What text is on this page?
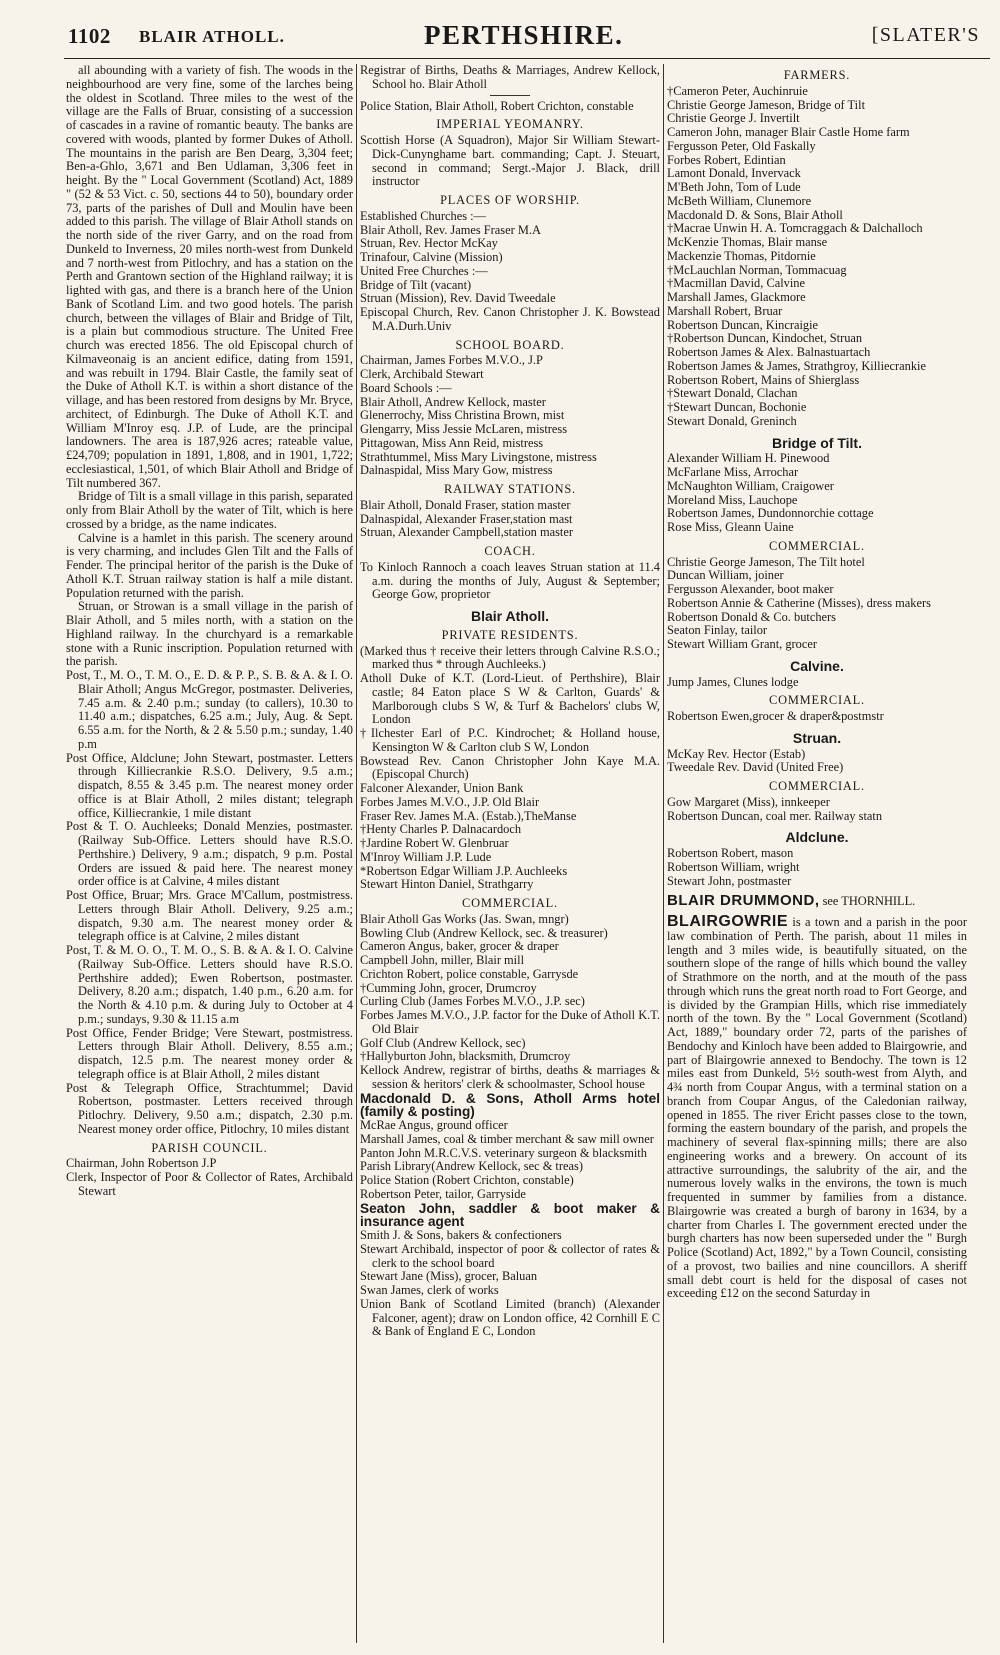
1102 BLAIR ATHOLL.	PERTHSHIRE.	[SLATER'S

all abounding with a variety of fish. The woods in the neighbourhood are very fine, some of the larches being the oldest in Scotland. Three miles to the west of the village are the Falls of Bruar, consisting of a succession of cascades in a ravine of romantic beauty. The banks are covered with woods, planted by former Dukes of Atholl. The mountains in the parish are Ben Dearg, 3,304 feet; Ben-a-Ghlo, 3,671 and Ben Udlaman, 3,306 feet in height. By the " Local Government (Scotland) Act, 1889 " (52 & 53 Vict. c. 50, sections 44 to 50), boundary order 73, parts of the parishes of Dull and Moulin have been added to this parish. The village of Blair Atholl stands on the north side of the river Garry, and on the road from Dunkeld to Inverness, 20 miles north-west from Dunkeld and 7 north-west from Pitlochry, and has a station on the Perth and Grantown section of the Highland railway; it is lighted with gas, and there is a branch here of the Union Bank of Scotland Lim. and two good hotels. The parish church, between the villages of Blair and Bridge of Tilt, is a plain but commodious structure. The United Free church was erected 1856. The old Episcopal church of Kilmaveonaig is an ancient edifice, dating from 1591, and was rebuilt in 1794. Blair Castle, the family seat of the Duke of Atholl K.T. is within a short distance of the village, and has been restored from designs by Mr. Bryce, architect, of Edinburgh. The Duke of Atholl K.T. and William M'Inroy esq. J.P. of Lude, are the principal landowners. The area is 187,926 acres; rateable value, £24,709; population in 1891, 1,808, and in 1901, 1,722; ecclesiastical, 1,501, of which Blair Atholl and Bridge of Tilt numbered 367.

Bridge of Tilt is a small village in this parish, separated only from Blair Atholl by the water of Tilt, which is here crossed by a bridge, as the name indicates.

Calvine is a hamlet in this parish. The scenery around is very charming, and includes Glen Tilt and the Falls of Fender. The principal heritor of the parish is the Duke of Atholl K.T. Struan railway station is half a mile distant. Population returned with the parish.

Struan, or Strowan is a small village in the parish of Blair Atholl, and 5 miles north, with a station on the Highland railway. In the churchyard is a remarkable stone with a Runic inscription. Population returned with the parish.

Post, T., M. O., T. M. O., E. D. & P. P., S. B. & A. & I. O. Blair Atholl; Angus McGregor, postmaster. Deliveries, 7.45 a.m. & 2.40 p.m.; sunday (to callers), 10.30 to 11.40 a.m.; dispatches, 6.25 a.m.; July, Aug. & Sept. 6.55 a.m. for the North, & 2 & 5.50 p.m.; sunday, 1.40 p.m

Post Office, Aldclune; John Stewart, postmaster. Letters through Killiecrankie R.S.O. Delivery, 9.5 a.m.; dispatch, 8.55 & 3.45 p.m. The nearest money order office is at Blair Atholl, 2 miles distant; telegraph office, Killiecrankie, 1 mile distant

Post & T. O. Auchleeks; Donald Menzies, postmaster. (Railway Sub-Office. Letters should have R.S.O. Perthshire.) Delivery, 9 a.m.; dispatch, 9 p.m. Postal Orders are issued & paid here. The nearest money order office is at Calvine, 4 miles distant

Post Office, Bruar; Mrs. Grace M'Callum, postmistress. Letters through Blair Atholl. Delivery, 9.25 a.m.; dispatch, 9.30 a.m. The nearest money order & telegraph office is at Calvine, 2 miles distant

Post, T. & M. O. O., T. M. O., S. B. & A. & I. O. Calvine (Railway Sub-Office. Letters should have R.S.O. Perthshire added); Ewen Robertson, postmaster. Delivery, 8.20 a.m.; dispatch, 1.40 p.m., 6.20 a.m. for the North & 4.10 p.m. & during July to October at 4 p.m.; sundays, 9.30 & 11.15 a.m

Post Office, Fender Bridge; Vere Stewart, postmistress. Letters through Blair Atholl. Delivery, 8.55 a.m.; dispatch, 12.5 p.m. The nearest money order & telegraph office is at Blair Atholl, 2 miles distant

Post & Telegraph Office, Strachtummel; David Robertson, postmaster. Letters received through Pitlochry. Delivery, 9.50 a.m.; dispatch, 2.30 p.m. Nearest money order office, Pitlochry, 10 miles distant

PARISH COUNCIL.

Chairman, John Robertson J.P

Clerk, Inspector of Poor & Collector of Rates, Archibald Stewart

Registrar of Births, Deaths & Marriages, Andrew Kellock, School ho. Blair Atholl

Police Station, Blair Atholl, Robert Crichton, constable

IMPERIAL YEOMANRY.

Scottish Horse (A Squadron), Major Sir William Stewart-Dick-Cunynghame bart. commanding; Capt. J. Steuart, second in command; Sergt.-Major J. Black, drill instructor

PLACES OF WORSHIP.

Established Churches :—

Blair Atholl, Rev. James Fraser M.A

Struan, Rev. Hector McKay

Trinafour, Calvine (Mission)

United Free Churches :—

Bridge of Tilt (vacant)

Struan (Mission), Rev. David Tweedale

Episcopal Church, Rev. Canon Christopher J. K. Bowstead M.A.Durh.Univ

SCHOOL BOARD.

Chairman, James Forbes M.V.O., J.P

Clerk, Archibald Stewart

Board Schools :—

Blair Atholl, Andrew Kellock, master

Glenerrochy, Miss Christina Brown, mist

Glengarry, Miss Jessie McLaren, mistress

Pittagowan, Miss Ann Reid, mistress

Strathtummel, Miss Mary Livingstone, mistress

Dalnaspidal, Miss Mary Gow, mistress

RAILWAY STATIONS.

Blair Atholl, Donald Fraser, station master

Dalnaspidal, Alexander Fraser,station mast

Struan, Alexander Campbell,station master

COACH.

To Kinloch Rannoch a coach leaves Struan station at 11.4 a.m. during the months of July, August & September; George Gow, proprietor

Blair Atholl.

PRIVATE RESIDENTS.

(Marked thus † receive their letters through Calvine R.S.O.; marked thus * through Auchleeks.)

Atholl Duke of K.T. (Lord-Lieut. of Perthshire), Blair castle; 84 Eaton place S W & Carlton, Guards' & Marlborough clubs S W, & Turf & Bachelors' clubs W, London

†Ilchester Earl of P.C. Kindrochet; & Holland house, Kensington W & Carlton club S W, London

Bowstead Rev. Canon Christopher John Kaye M.A. (Episcopal Church)

Falconer Alexander, Union Bank

Forbes James M.V.O., J.P. Old Blair

Fraser Rev. James M.A. (Estab.),TheManse

†Henty Charles P. Dalnacardoch

†Jardine Robert W. Glenbruar

M'Inroy William J.P. Lude

*Robertson Edgar William J.P. Auchleeks

Stewart Hinton Daniel, Strathgarry

COMMERCIAL.

Blair Atholl Gas Works (Jas. Swan, mngr)

Bowling Club (Andrew Kellock, sec. & treasurer)

Cameron Angus, baker, grocer & draper

Campbell John, miller, Blair mill

Crichton Robert, police constable, Garrysde

†Cumming John, grocer, Drumcroy

Curling Club (James Forbes M.V.O., J.P. sec)

Forbes James M.V.O., J.P. factor for the Duke of Atholl K.T. Old Blair

Golf Club (Andrew Kellock, sec)

†Hallyburton John, blacksmith, Drumcroy

Kellock Andrew, registrar of births, deaths & marriages & session & heritors' clerk & schoolmaster, School house

Macdonald D. & Sons, Atholl Arms hotel (family & posting)

McRae Angus, ground officer

Marshall James, coal & timber merchant & saw mill owner

Panton John M.R.C.V.S. veterinary surgeon & blacksmith

Parish Library(Andrew Kellock, sec & treas)

Police Station (Robert Crichton, constable)

Robertson Peter, tailor, Garryside

Seaton John, saddler & boot maker & insurance agent

Smith J. & Sons, bakers & confectioners

Stewart Archibald, inspector of poor & collector of rates & clerk to the school board

Stewart Jane (Miss), grocer, Baluan

Swan James, clerk of works

Union Bank of Scotland Limited (branch) (Alexander Falconer, agent); draw on London office, 42 Cornhill E C & Bank of England E C, London

FARMERS.

†Cameron Peter, Auchinruie

Christie George Jameson, Bridge of Tilt

Christie George J. Invertilt

Cameron John, manager Blair Castle Home farm

Fergusson Peter, Old Faskally

Forbes Robert, Edintian

Lamont Donald, Invervack

M'Beth John, Tom of Lude

McBeth William, Clunemore

Macdonald D. & Sons, Blair Atholl

†Macrae Unwin H. A. Tomcraggach & Dalchalloch

McKenzie Thomas, Blair manse

Mackenzie Thomas, Pitdornie

†McLauchlan Norman, Tommacuag

†Macmillan David, Calvine

Marshall James, Glackmore

Marshall Robert, Bruar

Robertson Duncan, Kincraigie

†Robertson Duncan, Kindochet, Struan

Robertson James & Alex. Balnastuartach

Robertson James & James, Strathgroy, Killiecrankie

Robertson Robert, Mains of Shierglass

†Stewart Donald, Clachan

†Stewart Duncan, Bochonie

Stewart Donald, Greninch

Bridge of Tilt.

Alexander William H. Pinewood

McFarlane Miss, Arrochar

McNaughton William, Craigower

Moreland Miss, Lauchope

Robertson James, Dundonnorchie cottage

Rose Miss, Gleann Uaine

COMMERCIAL.

Christie George Jameson, The Tilt hotel

Duncan William, joiner

Fergusson Alexander, boot maker

Robertson Annie & Catherine (Misses), dress makers

Robertson Donald & Co. butchers

Seaton Finlay, tailor

Stewart William Grant, grocer

Calvine.

Jump James, Clunes lodge

COMMERCIAL.

Robertson Ewen,grocer & draper&postmstr

Struan.

McKay Rev. Hector (Estab)

Tweedale Rev. David (United Free)

COMMERCIAL.

Gow Margaret (Miss), innkeeper

Robertson Duncan, coal mer. Railway statn

Aldclune.

Robertson Robert, mason

Robertson William, wright

Stewart John, postmaster

BLAIR DRUMMOND, see THORNHILL.

BLAIRGOWRIE is a town and a parish in the poor law combination of Perth. The parish, about 11 miles in length and 3 miles wide, is beautifully situated, on the southern slope of the range of hills which bound the valley of Strathmore on the north, and at the mouth of the pass through which runs the great north road to Fort George, and is divided by the Grampian Hills, which rise immediately north of the town. By the " Local Government (Scotland) Act, 1889," boundary order 72, parts of the parishes of Bendochy and Kinloch have been added to Blairgowrie, and part of Blairgowrie annexed to Bendochy. The town is 12 miles east from Dunkeld, 5½ south-west from Alyth, and 4¾ north from Coupar Angus, with a terminal station on a branch from Coupar Angus, of the Caledonian railway, opened in 1855. The river Ericht passes close to the town, forming the eastern boundary of the parish, and propels the machinery of several flax-spinning mills; there are also engineering works and a brewery. On account of its attractive surroundings, the salubrity of the air, and the numerous lovely walks in the environs, the town is much frequented in summer by families from a distance. Blairgowrie was created a burgh of barony in 1634, by a charter from Charles I. The government erected under the burgh charters has now been superseded under the " Burgh Police (Scotland) Act, 1892," by a Town Council, consisting of a provost, two bailies and nine councillors. A sheriff small debt court is held for the disposal of cases not exceeding £12 on the second Saturday in
